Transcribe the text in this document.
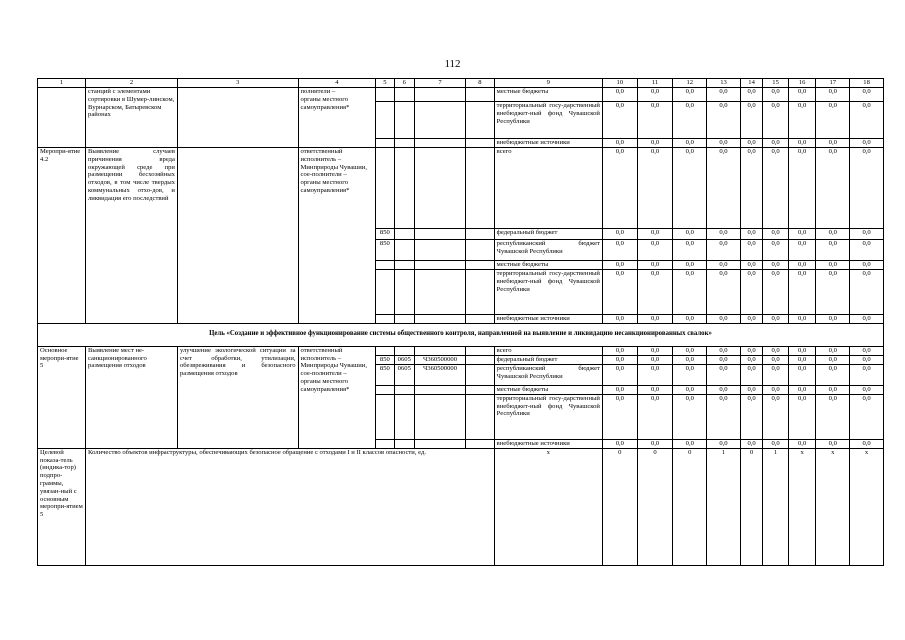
112
1	2	3	4	5	6	7	8	9	10	11	12	13	14	15	16	17	18
	станций с элементами сортировки в Шумер-линском, Вурнарском, Батыревском районах		полнители –
органы местного самоуправления*					местные бюджеты	0,0	0,0	0,0	0,0	0,0	0,0	0,0	0,0	0,0
								территориальный госу-дарственный внебюджет-ный фонд Чувашской Республики	0,0	0,0	0,0	0,0	0,0	0,0	0,0	0,0	0,0
								внебюджетные источники	0,0	0,0	0,0	0,0	0,0	0,0	0,0	0,0	0,0
Меропри-ятие 4.2	Выявление случаев причинения вреда окружающей среде при размещении бесхозяйных отходов, в том числе твердых коммунальных отхо-дов, и ликвидация его последствий		ответственный исполнитель –
Минприроды Чувашии, сое-полнители –
органы местного самоуправления*					всего	0,0	0,0	0,0	0,0	0,0	0,0	0,0	0,0	0,0
				850				федеральный бюджет	0,0	0,0	0,0	0,0	0,0	0,0	0,0	0,0	0,0
				850				республиканский бюджет Чувашской Республики	0,0	0,0	0,0	0,0	0,0	0,0	0,0	0,0	0,0
								местные бюджеты	0,0	0,0	0,0	0,0	0,0	0,0	0,0	0,0	0,0
								территориальный госу-дарственный внебюджет-ный фонд Чувашской Республики	0,0	0,0	0,0	0,0	0,0	0,0	0,0	0,0	0,0
								внебюджетные источники	0,0	0,0	0,0	0,0	0,0	0,0	0,0	0,0	0,0
Цель «Создание и эффективное функционирование системы общественного контроля, направленной на выявление и ликвидацию несанкционированных свалок»																	
Основное меропри-ятие 5	Выявление мест не-санкционированного размещения отходов	улучшение экологической ситуации за счет обработки, утилизации, обезвреживания и безопасного размещения отходов	ответственный исполнитель –
Минприроды Чувашии, сое-полнители –
органы местного самоуправления*					всего	0,0	0,0	0,0	0,0	0,0	0,0	0,0	0,0	0,0
				850	0605	Ч360500000		федеральный бюджет	0,0	0,0	0,0	0,0	0,0	0,0	0,0	0,0	0,0
				850	0605	Ч360500000		республиканский бюджет Чувашской Республики	0,0	0,0	0,0	0,0	0,0	0,0	0,0	0,0	0,0
								местные бюджеты	0,0	0,0	0,0	0,0	0,0	0,0	0,0	0,0	0,0
								территориальный госу-дарственный внебюджет-ный фонд Чувашской Республики	0,0	0,0	0,0	0,0	0,0	0,0	0,0	0,0	0,0
								внебюджетные источники	0,0	0,0	0,0	0,0	0,0	0,0	0,0	0,0	0,0
Целевой показа-тель (индика-тор) подпро-граммы, увязан-ный с основным меропри-ятием 5	Количество объектов инфраструктуры, обеспечивающих безопасное обращение с отходами I и II классов опасности, ед.							x	0	0	0	1	0	1	x	x	x
